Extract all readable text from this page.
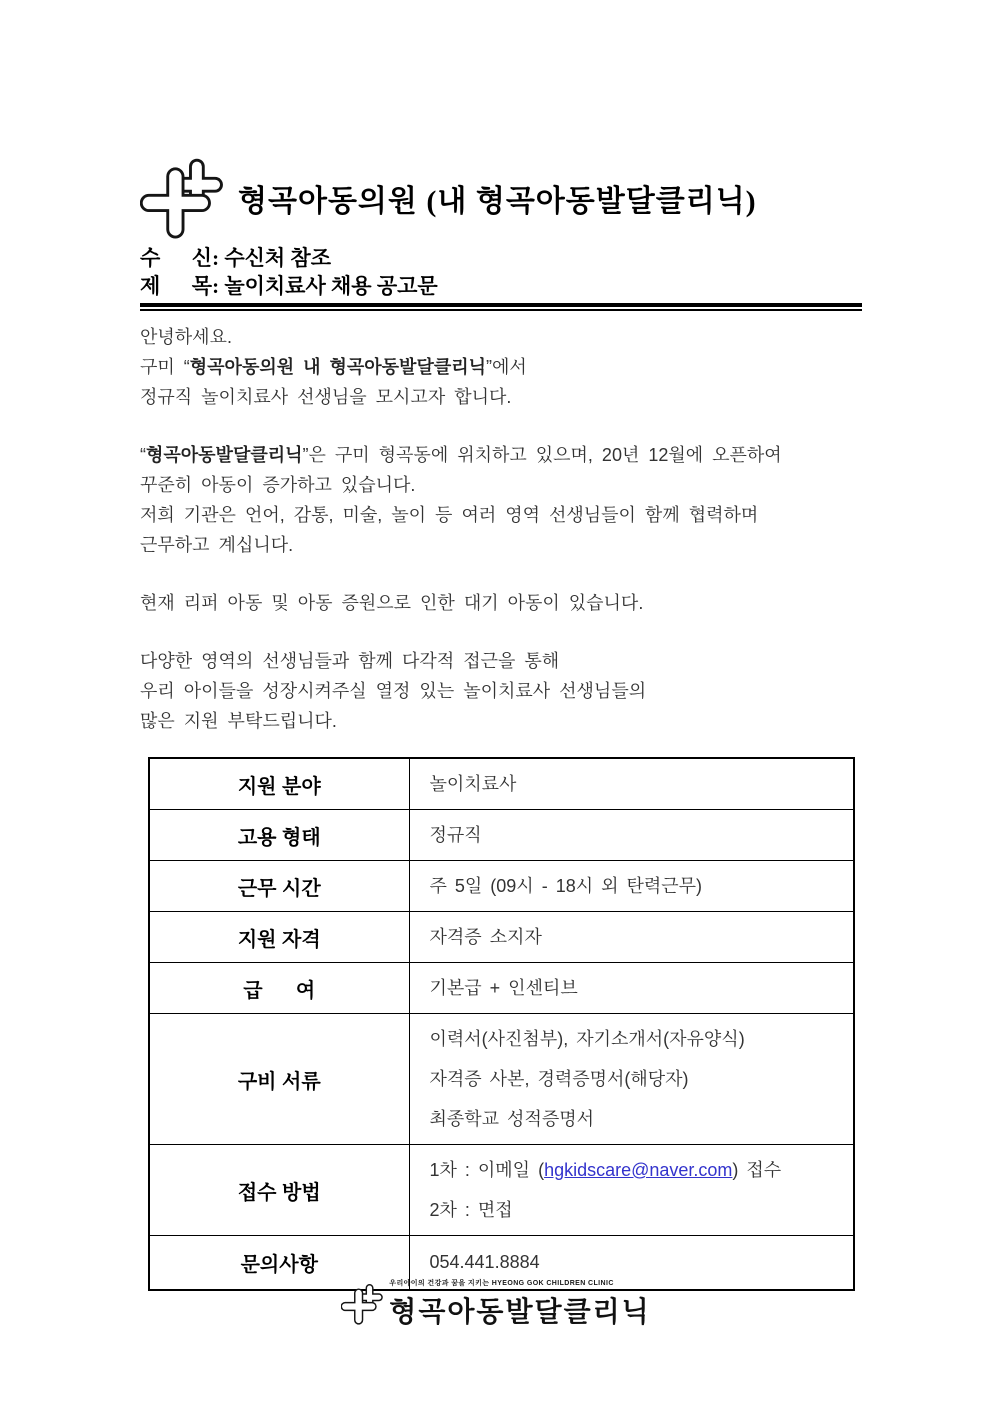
형곡아동의원 (내 형곡아동발달클리닉)
수      신: 수신처 참조
제      목: 놀이치료사 채용 공고문

안녕하세요.
구미 “형곡아동의원 내 형곡아동발달클리닉”에서
정규직 놀이치료사 선생님을 모시고자 합니다.

“형곡아동발달클리닉”은 구미 형곡동에 위치하고 있으며, 20년 12월에 오픈하여
꾸준히 아동이 증가하고 있습니다.
저희 기관은 언어, 감통, 미술, 놀이 등 여러 영역 선생님들이 함께 협력하며
근무하고 계십니다.

현재 리퍼 아동 및 아동 증원으로 인한 대기 아동이 있습니다.

다양한 영역의 선생님들과 함께 다각적 접근을 통해
우리 아이들을 성장시켜주실 열정 있는 놀이치료사 선생님들의
많은 지원 부탁드립니다.

지원 분야	놀이치료사
고용 형태	정규직
근무 시간	주 5일 (09시 - 18시 외 탄력근무)
지원 자격	자격증 소지자
급      여	기본급 + 인센티브
구비 서류	이력서(사진첨부), 자기소개서(자유양식)
자격증 사본, 경력증명서(해당자)
최종학교 성적증명서

접수 방법	1차 : 이메일 (hgkidscare@naver.com) 접수
2차 : 면접

문의사항	054.441.8884
우리아이의 건강과 꿈을 지키는 HYEONG GOK CHILDREN CLINIC
형곡아동발달클리닉
